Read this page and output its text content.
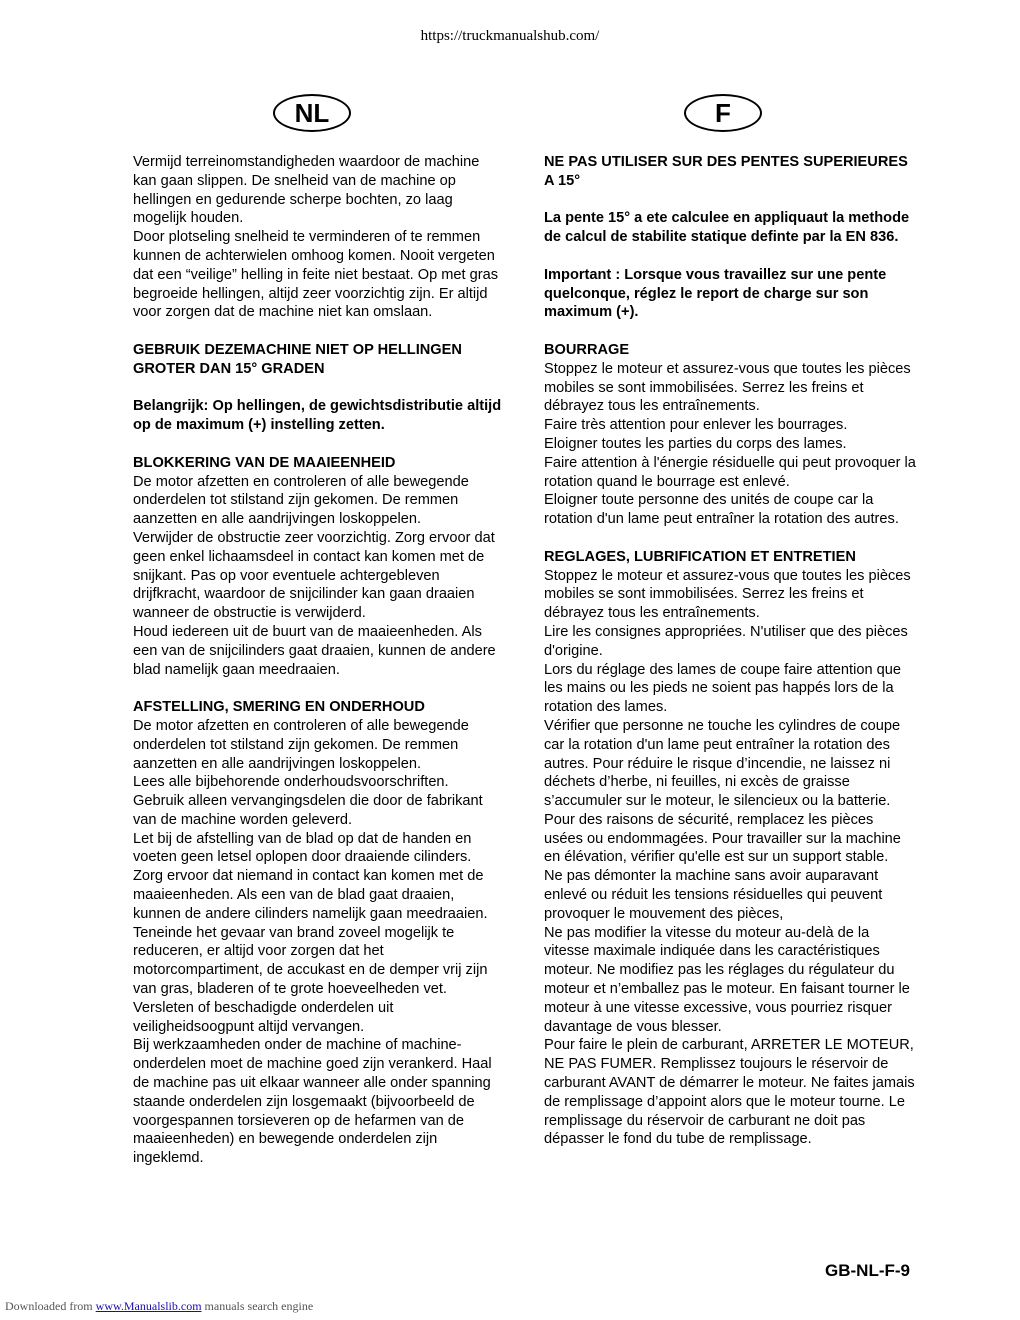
https://truckmanualshub.com/
NL	F

Vermijd terreinomstandigheden waardoor de machine kan gaan slippen. De snelheid van de machine op hellingen en gedurende scherpe bochten, zo laag mogelijk houden.
Door plotseling snelheid te verminderen of te remmen kunnen de achterwielen omhoog komen. Nooit vergeten dat een “veilige” helling in feite niet bestaat. Op met gras begroeide hellingen, altijd zeer voorzichtig zijn. Er altijd voor zorgen dat de machine niet kan omslaan.

GEBRUIK DEZEMACHINE NIET OP HELLINGEN GROTER DAN 15° GRADEN

Belangrijk: Op hellingen, de gewichtsdistributie altijd op de maximum (+) instelling zetten.

BLOKKERING VAN DE MAAIEENHEID
De motor afzetten en controleren of alle bewegende onderdelen tot stilstand zijn gekomen. De remmen aanzetten en alle aandrijvingen loskoppelen.
Verwijder de obstructie zeer voorzichtig. Zorg ervoor dat geen enkel lichaamsdeel in contact kan komen met de snijkant. Pas op voor eventuele achtergebleven drijfkracht, waardoor de snijcilinder kan gaan draaien wanneer de obstructie is verwijderd.
Houd iedereen uit de buurt van de maaieenheden. Als een van de snijcilinders gaat draaien, kunnen de andere blad namelijk gaan meedraaien.

AFSTELLING, SMERING EN ONDERHOUD
De motor afzetten en controleren of alle bewegende onderdelen tot stilstand zijn gekomen. De remmen aanzetten en alle aandrijvingen loskoppelen.
Lees alle bijbehorende onderhoudsvoorschriften.
Gebruik alleen vervangingsdelen die door de fabrikant van de machine worden geleverd.
Let bij de afstelling van de blad op dat de handen en voeten geen letsel oplopen door draaiende cilinders. Zorg ervoor dat niemand in contact kan komen met de maaieenheden. Als een van de blad gaat draaien, kunnen de andere cilinders namelijk gaan meedraaien. Teneinde het gevaar van brand zoveel mogelijk te reduceren, er altijd voor zorgen dat het motorcompartiment, de accukast en de demper vrij zijn van gras, bladeren of te grote hoeveelheden vet. Versleten of beschadigde onderdelen uit veiligheidsoogpunt altijd vervangen.
Bij werkzaamheden onder de machine of machine-onderdelen moet de machine goed zijn verankerd. Haal de machine pas uit elkaar wanneer alle onder spanning staande onderdelen zijn losgemaakt (bijvoorbeeld de voorgespannen torsieveren op de hefarmen van de maaieenheden) en bewegende onderdelen zijn ingeklemd.

NE PAS UTILISER SUR DES PENTES SUPERIEURES A 15°

La pente 15° a ete calculee en appliquaut la methode de calcul de stabilite statique definte par la EN 836.

Important : Lorsque vous travaillez sur une pente quelconque, réglez le report de charge sur son maximum (+).

BOURRAGE
Stoppez le moteur et assurez-vous que toutes les pièces mobiles se sont immobilisées. Serrez les freins et débrayez tous les entraînements.
Faire très attention pour enlever les bourrages.
Eloigner toutes les parties du corps des lames.
Faire attention à l'énergie résiduelle qui peut provoquer la rotation quand le bourrage est enlevé.
Eloigner toute personne des unités de coupe car la rotation d'un lame peut entraîner la rotation des autres.

REGLAGES, LUBRIFICATION ET ENTRETIEN
Stoppez le moteur et assurez-vous que toutes les pièces mobiles se sont immobilisées. Serrez les freins et débrayez tous les entraînements.
Lire les consignes appropriées. N'utiliser que des pièces d'origine.
Lors du réglage des lames de coupe faire attention que les mains ou les pieds ne soient pas happés lors de la rotation des lames.
Vérifier que personne ne touche les cylindres de coupe car la rotation d'un lame peut entraîner la rotation des autres. Pour réduire le risque d’incendie, ne laissez ni déchets d’herbe, ni feuilles, ni excès de graisse s’accumuler sur le moteur, le silencieux ou la batterie. Pour des raisons de sécurité, remplacez les pièces usées ou endommagées. Pour travailler sur la machine en élévation, vérifier qu'elle est sur un support stable.
Ne pas démonter la machine sans avoir auparavant enlevé ou réduit les tensions résiduelles qui peuvent provoquer le mouvement des pièces,
Ne pas modifier la vitesse du moteur au-delà de la vitesse maximale indiquée dans les caractéristiques moteur. Ne modifiez pas les réglages du régulateur du moteur et n’emballez pas le moteur. En faisant tourner le moteur à une vitesse excessive, vous pourriez risquer davantage de vous blesser.
Pour faire le plein de carburant, ARRETER LE MOTEUR, NE PAS FUMER. Remplissez toujours le réservoir de carburant AVANT de démarrer le moteur. Ne faites jamais de remplissage d’appoint alors que le moteur tourne. Le remplissage du réservoir de carburant ne doit pas dépasser le fond du tube de remplissage.

GB-NL-F-9
Downloaded from www.Manualslib.com manuals search engine
